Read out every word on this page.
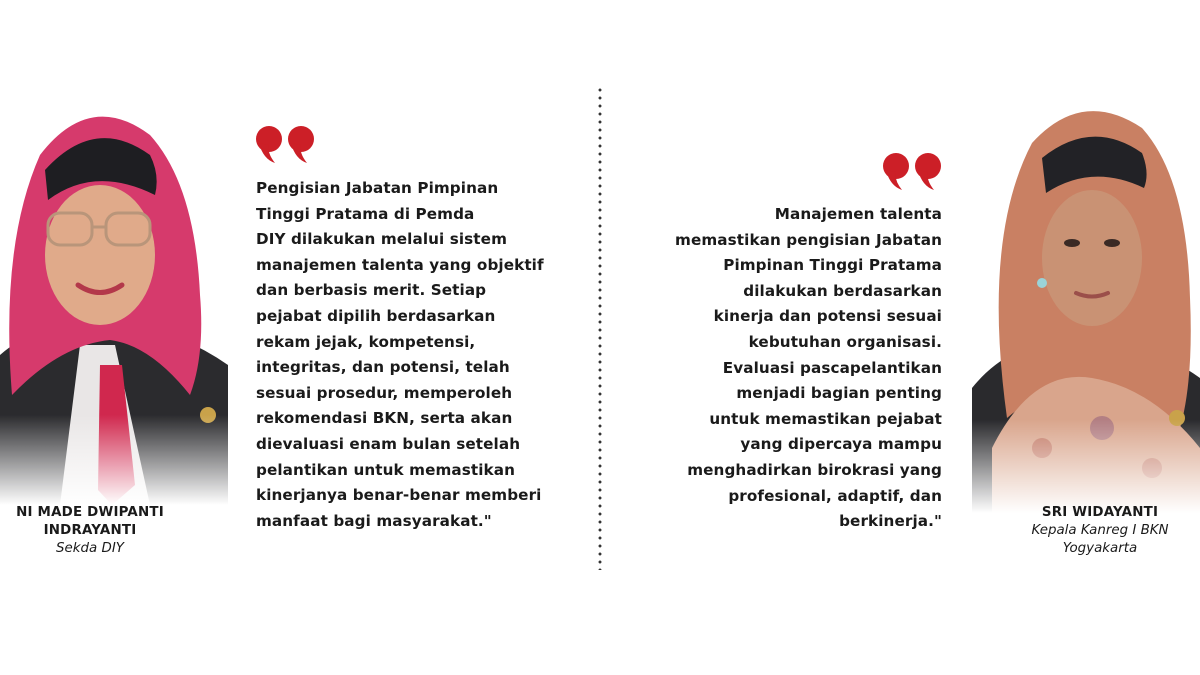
Pengisian Jabatan Pimpinan
Tinggi Pratama di Pemda
DIY dilakukan melalui sistem
manajemen talenta yang objektif
dan berbasis merit. Setiap
pejabat dipilih berdasarkan
rekam jejak, kompetensi,
integritas, dan potensi, telah
sesuai prosedur, memperoleh
rekomendasi BKN, serta akan
dievaluasi enam bulan setelah
pelantikan untuk memastikan
kinerjanya benar-benar memberi
manfaat bagi masyarakat."

NI MADE DWIPANTI
INDRAYANTI
Sekda DIY

Manajemen talenta
memastikan pengisian Jabatan
Pimpinan Tinggi Pratama
dilakukan berdasarkan
kinerja dan potensi sesuai
kebutuhan organisasi.
Evaluasi pascapelantikan
menjadi bagian penting
untuk memastikan pejabat
yang dipercaya mampu
menghadirkan birokrasi yang
profesional, adaptif, dan
berkinerja."	SRI WIDAYANTI
Kepala Kanreg I BKN
Yogyakarta
